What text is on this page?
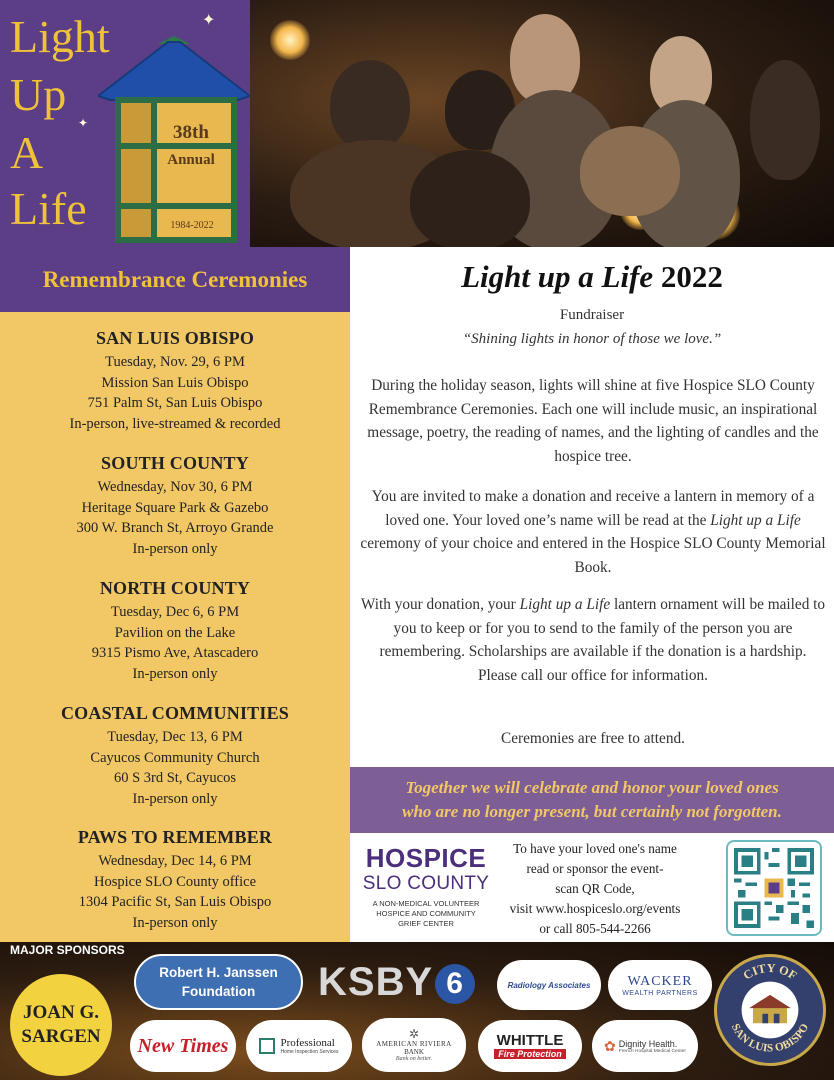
✦
✦
Light
Up
A
Life
38th
Annual
1984-2022
Remembrance Ceremonies
SAN LUIS OBISPO

Tuesday, Nov. 29, 6 PM

Mission San Luis Obispo

751 Palm St, San Luis Obispo

In-person, live-streamed & recorded

SOUTH COUNTY

Wednesday, Nov 30, 6 PM

Heritage Square Park & Gazebo

300 W. Branch St, Arroyo Grande

In-person only

NORTH COUNTY

Tuesday, Dec 6, 6 PM

Pavilion on the Lake

9315 Pismo Ave, Atascadero

In-person only

COASTAL COMMUNITIES

Tuesday, Dec 13, 6 PM

Cayucos Community Church

60 S 3rd St, Cayucos

In-person only

PAWS TO REMEMBER

Wednesday, Dec 14, 6 PM

Hospice SLO County office

1304 Pacific St, San Luis Obispo

In-person only

Light up a Life 2022
Fundraiser
“Shining lights in honor of those we love.”

During the holiday season, lights will shine at five Hospice SLO County Remembrance Ceremonies. Each one will include music, an inspirational message, poetry, the reading of names, and the lighting of candles and the hospice tree.

You are invited to make a donation and receive a lantern in memory of a loved one. Your loved one’s name will be read at the Light up a Life ceremony of your choice and entered in the Hospice SLO County Memorial Book.

With your donation, your Light up a Life lantern ornament will be mailed to you to keep or for you to send to the family of the person you are remembering. Scholarships are available if the donation is a hardship.
Please call our office for information.

Ceremonies are free to attend.

Together we will celebrate and honor your loved ones
who are no longer present, but certainly not forgotten.
HOSPICE
SLO COUNTY
A NON-MEDICAL VOLUNTEER
HOSPICE AND COMMUNITY
GRIEF CENTER
To have your loved one's name
read or sponsor the event-
scan QR Code,
visit www.hospiceslo.org/events
or call 805-544-2266
MAJOR SPONSORS
JOAN G.
SARGEN
Robert H. Janssen
Foundation KSBY 6	Radiology Associates	WACKER
WEALTH PARTNERS
New Times	Professional
Home Inspection Services
✲
AMERICAN RIVIERA
BANK
Bank on better.
WHITTLE
Fire Protection
✿ Dignity Health.
French Hospital Medical Center
CITY OF
SAN LUIS OBISPO
